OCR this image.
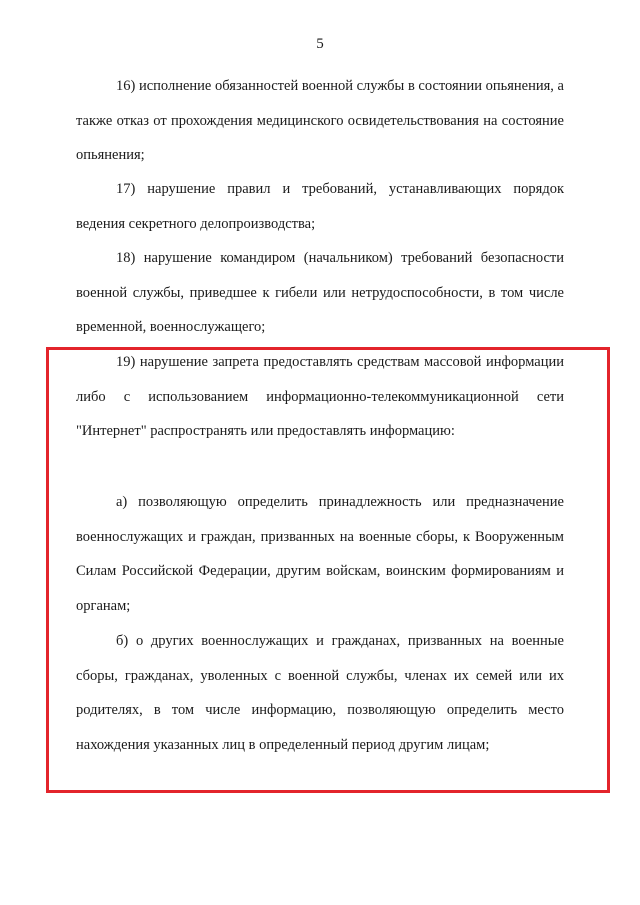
5

16) исполнение обязанностей военной службы в состоянии опьянения, а также отказ от прохождения медицинского освидетельствования на состояние опьянения;

17) нарушение правил и требований, устанавливающих порядок ведения секретного делопроизводства;

18) нарушение командиром (начальником) требований безопасности военной службы, приведшее к гибели или нетрудоспособности, в том числе временной, военнослужащего;

19) нарушение запрета предоставлять средствам массовой информации либо с использованием информационно-телекоммуникационной сети "Интернет" распространять или предоставлять информацию:

а) позволяющую определить принадлежность или предназначение военнослужащих и граждан, призванных на военные сборы, к Вооруженным Силам Российской Федерации, другим войскам, воинским формированиям и органам;

б) о других военнослужащих и гражданах, призванных на военные сборы, гражданах, уволенных с военной службы, членах их семей или их родителях, в том числе информацию, позволяющую определить место нахождения указанных лиц в определенный период другим лицам;
